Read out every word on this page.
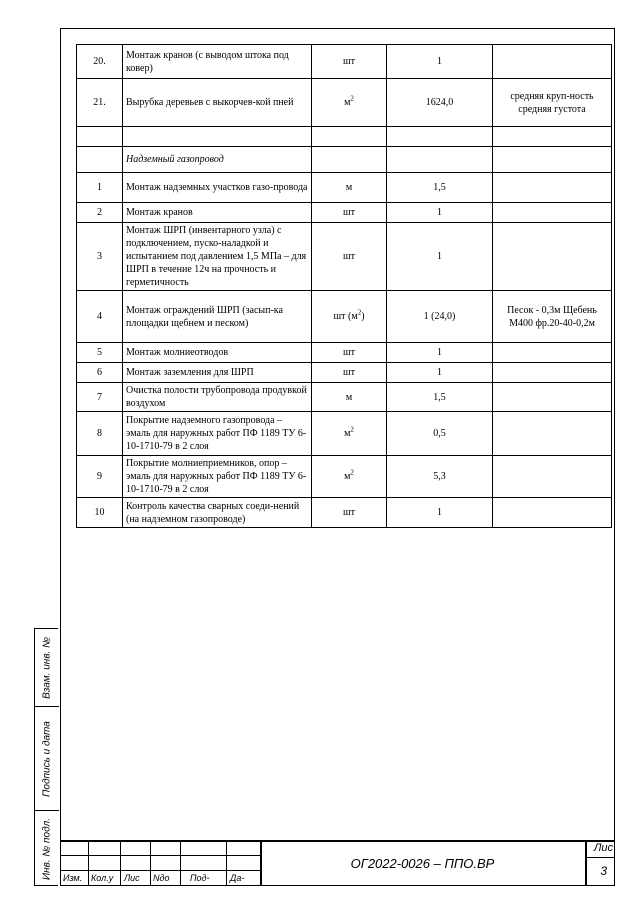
20.	Монтаж кранов (с выводом штока под ковер)	шт	1	
21.	Вырубка деревьев с выкорчев-кой пней	$м^2$	1624,0	средняя круп-ность средняя густота

	Надземный газопровод			
1	Монтаж надземных участков газо-провода	м	1,5	
2	Монтаж кранов	шт	1	
3	Монтаж ШРП (инвентарного узла) с подключением, пуско-наладкой и испытанием под давлением 1,5 МПа – для ШРП в течение 12ч на прочность и герметичность	шт	1	
4	Монтаж ограждений ШРП (засып-ка площадки щебнем и песком)	шт $(м^2)$	1 (24,0)	Песок - 0,3м Щебень М400 фр.20-40-0,2м
5	Монтаж молниеотводов	шт	1	
6	Монтаж заземления для ШРП	шт	1	
7	Очистка полости трубопровода продувкой воздухом	м	1,5	
8	Покрытие надземного газопровода – эмаль для наружных работ ПФ 1189 ТУ 6-10-1710-79 в 2 слоя	$м^2$	0,5	
9	Покрытие молниеприемников, опор – эмаль для наружных работ ПФ 1189 ТУ 6-10-1710-79 в 2 слоя	$м^2$	5,3	
10	Контроль качества сварных соеди-нений (на надземном газопроводе)	шт	1	
Взам. инв. №
Подпись и дата
Инв. № подл. Изм. Кол.у Лис Nдо Под- Да-
ОГ2022-0026 – ППО.ВР
Лис
3
